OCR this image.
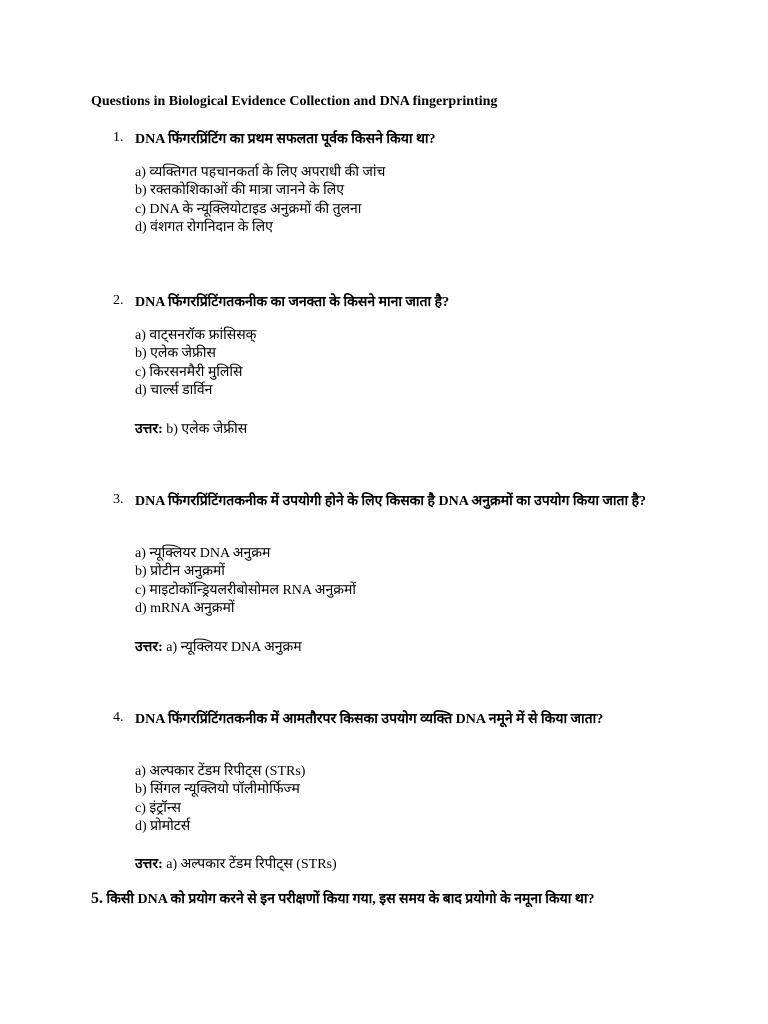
Questions in Biological Evidence Collection and DNA fingerprinting
1. DNA फिंगरप्रिंटिंग का प्रथम सफलता पूर्वक किसने किया था?
a) व्यक्तिगत पहचानकर्ता के लिए अपराधी की जांच
b) रक्तकोशिकाओं की मात्रा जानने के लिए
c) DNA के न्यूक्लियोटाइड अनुक्रमों की तुलना
d) वंशगत रोगनिदान के लिए
2. DNA फिंगरप्रिंटिंगतकनीक का जनक्ता के किसने माना जाता है?
a) वाट्सनरॉक फ्रांसिसक्
b) एलेक जेफ्रीस
c) किरसनमैरी मुलिसि
d) चार्ल्स डार्विन
उत्तर: b) एलेक जेफ्रीस
3. DNA फिंगरप्रिंटिंगतकनीक में उपयोगी होने के लिए किसका है DNA अनुक्रमों का उपयोग किया जाता है?
a) न्यूक्लियर DNA अनुक्रम
b) प्रोटीन अनुक्रमों
c) माइटोकॉन्ड्रियलरीबोसोमल RNA अनुक्रमों
d) mRNA अनुक्रमों
उत्तर: a) न्यूक्लियर DNA अनुक्रम
4. DNA फिंगरप्रिंटिंगतकनीक में आमतौरपर किसका उपयोग व्यक्ति DNA नमूने में से किया जाता?
a) अल्पकार टेंडम रिपीट्स (STRs)
b) सिंगल न्यूक्लियो पॉलीमोर्फिज्म
c) इंट्रॉन्स
d) प्रोमोटर्स
उत्तर: a) अल्पकार टेंडम रिपीट्स (STRs)
5. किसी DNA को प्रयोग करने से इन परीक्षणों किया गया, इस समय के बाद प्रयोगो के नमूना किया था?
